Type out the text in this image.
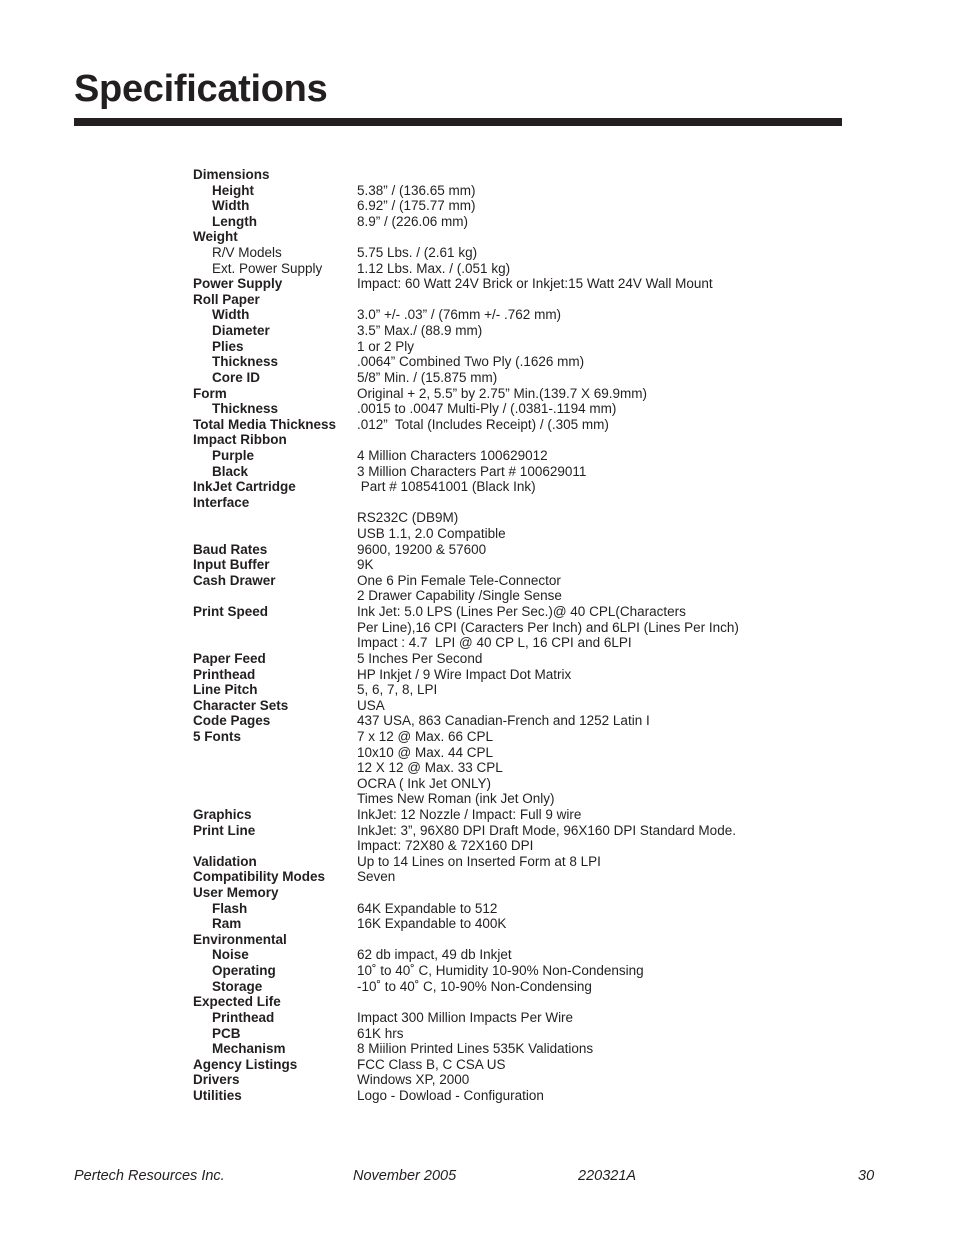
Specifications
Dimensions
Height	5.38” / (136.65 mm)
Width	6.92” / (175.77 mm)
Length	8.9” / (226.06 mm)
Weight
R/V Models	5.75 Lbs. / (2.61 kg)
Ext. Power Supply	1.12 Lbs. Max. / (.051 kg)
Power Supply	Impact: 60 Watt 24V Brick or Inkjet:15 Watt 24V Wall Mount
Roll Paper
Width	3.0” +/- .03” / (76mm +/- .762 mm)
Diameter	3.5” Max./ (88.9 mm)
Plies	1 or 2 Ply
Thickness	.0064” Combined Two Ply (.1626 mm)
Core ID	5/8” Min. / (15.875 mm)
Form	Original + 2, 5.5” by 2.75” Min.(139.7 X 69.9mm)
Thickness	.0015 to .0047 Multi-Ply / (.0381-.1194 mm)
Total Media Thickness .012”  Total (Includes Receipt) / (.305 mm)
Impact Ribbon
Purple	4 Million Characters 100629012
Black	3 Million Characters Part # 100629011
InkJet Cartridge	Part # 108541001 (Black Ink)
Interface
RS232C (DB9M)
USB 1.1, 2.0 Compatible
Baud Rates	9600, 19200 & 57600
Input Buffer	9K
Cash Drawer	One 6 Pin Female Tele-Connector
2 Drawer Capability /Single Sense
Print Speed	Ink Jet: 5.0 LPS (Lines Per Sec.)@ 40 CPL(Characters
Per Line),16 CPI (Caracters Per Inch) and 6LPI (Lines Per Inch)
Impact : 4.7  LPI @ 40 CP L, 16 CPI and 6LPI
Paper Feed	5 Inches Per Second
Printhead	HP Inkjet / 9 Wire Impact Dot Matrix
Line Pitch	5, 6, 7, 8, LPI
Character Sets	USA
Code Pages	437 USA, 863 Canadian-French and 1252 Latin I
5 Fonts	7 x 12 @ Max. 66 CPL
10x10 @ Max. 44 CPL
12 X 12 @ Max. 33 CPL
OCRA ( Ink Jet ONLY)
Times New Roman (ink Jet Only)
Graphics	InkJet: 12 Nozzle / Impact: Full 9 wire
Print Line	InkJet: 3”, 96X80 DPI Draft Mode, 96X160 DPI Standard Mode.
Impact: 72X80 & 72X160 DPI
Validation	Up to 14 Lines on Inserted Form at 8 LPI
Compatibility Modes Seven
User Memory
Flash	64K Expandable to 512
Ram	16K Expandable to 400K
Environmental
Noise	62 db impact, 49 db Inkjet
Operating	10˚ to 40˚ C, Humidity 10-90% Non-Condensing
Storage	-10˚ to 40˚ C, 10-90% Non-Condensing
Expected Life
Printhead	Impact 300 Million Impacts Per Wire
PCB	61K hrs
Mechanism	8 Miilion Printed Lines 535K Validations
Agency Listings	FCC Class B, C CSA US
Drivers	Windows XP, 2000
Utilities	Logo - Dowload - Configuration
Pertech Resources Inc.	November 2005	220321A	30
